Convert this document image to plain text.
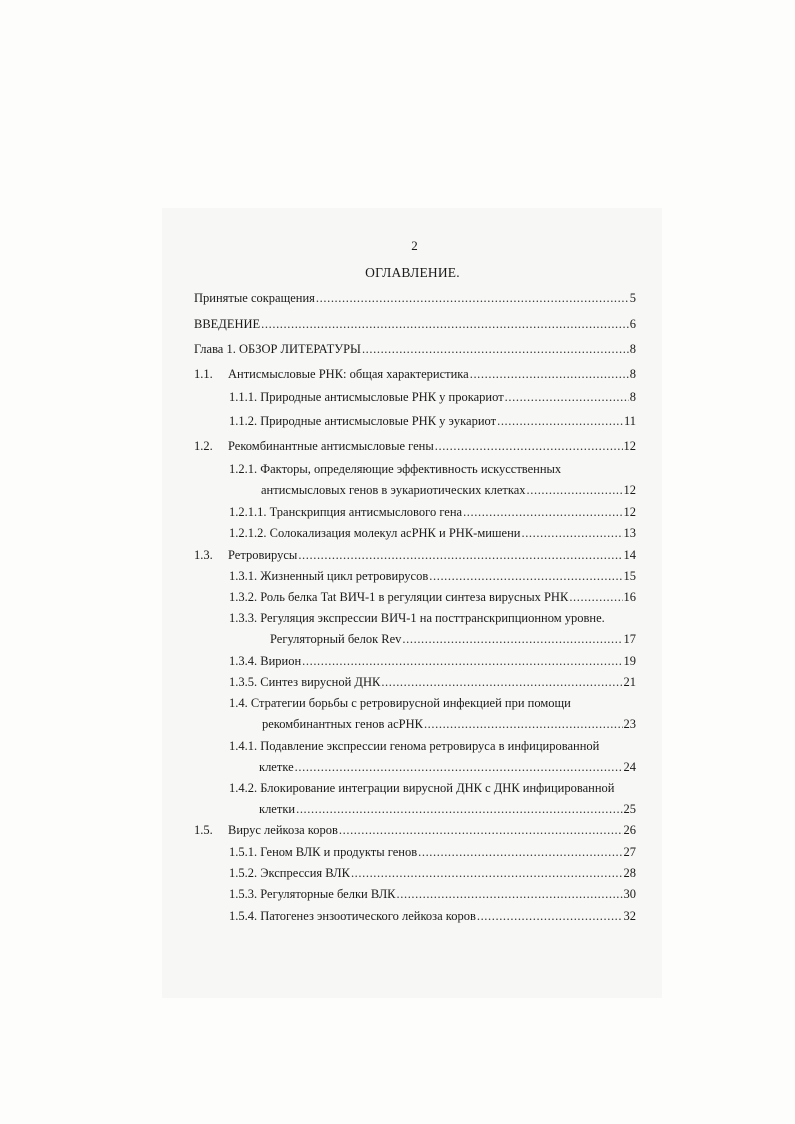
2
ОГЛАВЛЕНИЕ.
Принятые сокращения .....	5
ВВЕДЕНИЕ .....	6
Глава 1. ОБЗОР ЛИТЕРАТУРЫ .....	8
1.1.	Антисмысловые РНК: общая характеристика .....	8
1.1.1. Природные антисмысловые РНК у прокариот .....	8
1.1.2. Природные антисмысловые РНК у эукариот .....	11
1.2.	Рекомбинантные антисмысловые гены .....	12
1.2.1. Факторы, определяющие эффективность искусственных
антисмысловых генов в эукариотических клетках .....	12
1.2.1.1. Транскрипция антисмыслового гена .....	12
1.2.1.2. Солокализация молекул асРНК и РНК-мишени .....	13
1.3.	Ретровирусы .....	14
1.3.1. Жизненный цикл ретровирусов .....	15
1.3.2. Роль белка Tat ВИЧ-1 в регуляции синтеза вирусных РНК .....	16
1.3.3. Регуляция экспрессии ВИЧ-1 на посттранскрипционном уровне.
Регуляторный белок Rev .....	17
1.3.4. Вирион .....	19
1.3.5. Синтез вирусной ДНК .....	21
1.4. Стратегии борьбы с ретровирусной инфекцией при помощи
рекомбинантных генов асРНК .....	23
1.4.1. Подавление экспрессии генома ретровируса в инфицированной
клетке .....	24
1.4.2. Блокирование интеграции вирусной ДНК с ДНК инфицированной
клетки .....	25
1.5.	Вирус лейкоза коров .....	26
1.5.1. Геном ВЛК и продукты генов .....	27
1.5.2. Экспрессия ВЛК .....	28
1.5.3. Регуляторные белки ВЛК .....	30
1.5.4. Патогенез энзоотического лейкоза коров .....	32
